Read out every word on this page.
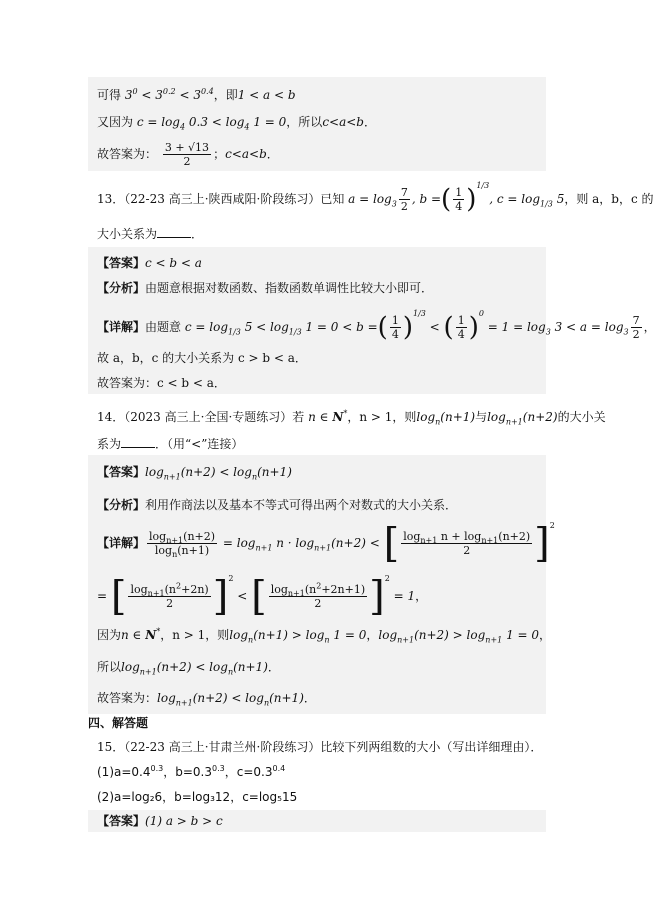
可得 $3^0 < 3^{0.2} < 3^{0.4}$，即1 < a < b
又因为 $c = \log_4 0.3 < \log_4 1 = 0$，所以c<a<b．
故答案为： $\frac{3 + √13}{2}$ ；c<a<b．
13．（22-23 高三上·陕西咸阳·阶段练习）已知 $a = \log_3 \frac{7}{2}$ , b =( $\frac{1}{4} )^{1/3}$, $c = \log_{1/3} 5$，则 a，b，c 的
大小关系为	．
【答案】c < b < a
【分析】由题意根据对数函数、指数函数单调性比较大小即可．
【详解】由题意 $c = \log_{1/3} 5 < \log_{1/3} 1 = 0 < b$ =( $\frac{1}{4} )^{1/3}$ < ( $\frac{1}{4} )^0 = 1 = \log_3 3 < a = \log_3 \frac{7}{2}$ ，
故 a，b，c 的大小关系为 c > b < a．
故答案为：c < b < a．
14．（2023 高三上·全国·专题练习）若 n ∈ N*，n > 1，则$\log_n(n+1)$与$\log_{n+1}(n+2)$的大小关
系为	．（用“<”连接）
【答案】$\log_{n+1}(n+2) < \log_n(n+1)$
【分析】利用作商法以及基本不等式可得出两个对数式的大小关系．
【详解】 $\frac{\log_{n+1}(n+2)}{\log_n(n+1)} = \log_{n+1} n \cdot \log_{n+1}(n+2)$ < [ $\frac{\log_{n+1} n + \log_{n+1}(n+2)}{2} ]^2$
= [ $\frac{\log_{n+1}(n^2+2n)}{2} ]^2$ < [ $\frac{\log_{n+1}(n^2+2n+1)}{2} ]^2 = 1$，
因为n ∈ N*，n > 1，则$\log_n(n+1) > \log_n 1 = 0$，$\log_{n+1}(n+2) > \log_{n+1} 1 = 0$，
所以$\log_{n+1}(n+2) < \log_n(n+1)$．
故答案为：$\log_{n+1}(n+2) < \log_n(n+1)$．
四、解答题
15．（22-23 高三上·甘肃兰州·阶段练习）比较下列两组数的大小（写出详细理由）．
$(1)a=0.4^{0.3}$，$b=0.3^{0.3}$，$c=0.3^{0.4}$
(2)a=log₂6，b=log₃12，c=log₅15
【答案】(1) a > b > c
